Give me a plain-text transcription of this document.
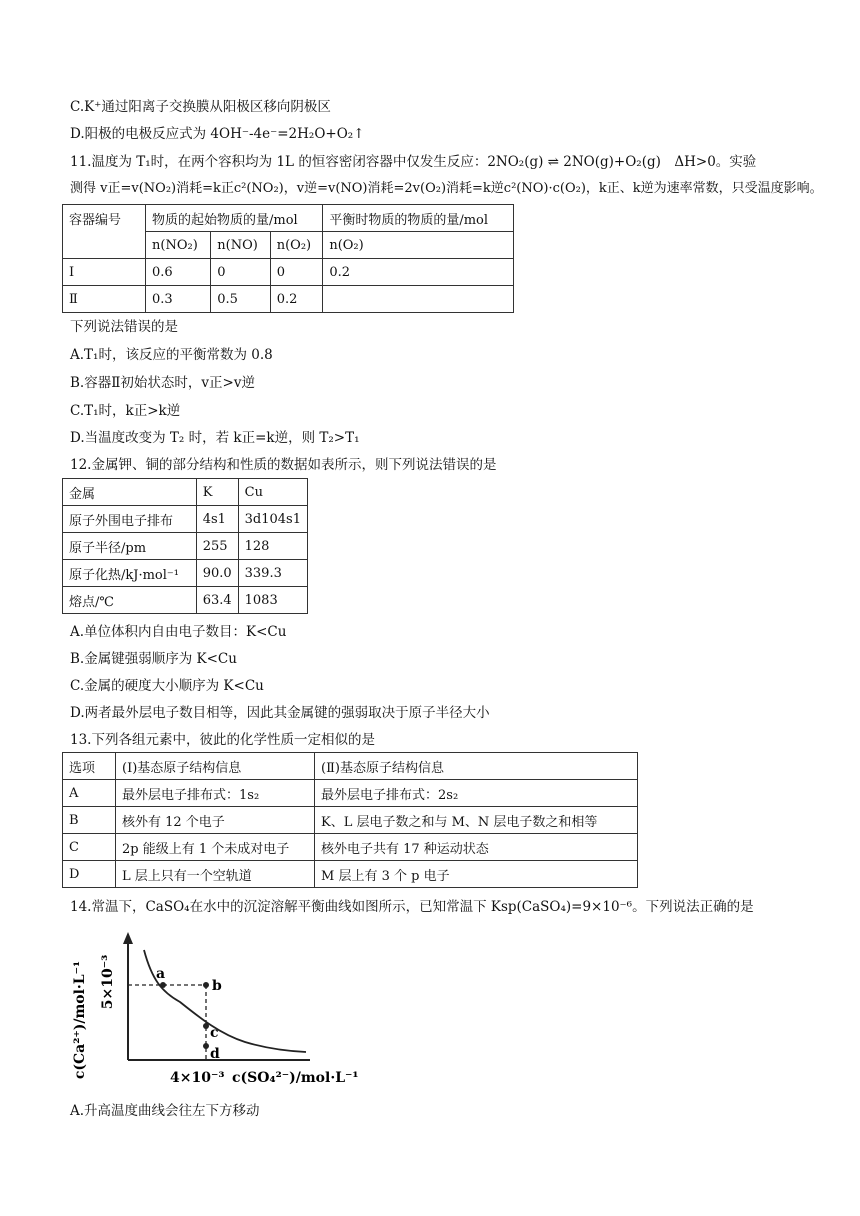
C.K⁺通过阳离子交换膜从阳极区移向阴极区
D.阳极的电极反应式为 4OH⁻-4e⁻=2H₂O+O₂↑
11.温度为 T₁时，在两个容积均为 1L 的恒容密闭容器中仅发生反应：2NO₂(g) ⇌ 2NO(g)+O₂(g)　ΔH>0。实验
测得 v正=v(NO₂)消耗=k正c²(NO₂)，v逆=v(NO)消耗=2v(O₂)消耗=k逆c²(NO)·c(O₂)，k正、k逆为速率常数，只受温度影响。
容器编号	物质的起始物质的量/mol			平衡时物质的物质的量/mol
	n(NO₂)	n(NO)	n(O₂)	n(O₂)
Ⅰ	0.6	0	0	0.2
Ⅱ	0.3	0.5	0.2	
下列说法错误的是
A.T₁时，该反应的平衡常数为 0.8
B.容器Ⅱ初始状态时，v正>v逆
C.T₁时，k正>k逆
D.当温度改变为 T₂ 时，若 k正=k逆，则 T₂>T₁
12.金属钾、铜的部分结构和性质的数据如表所示，则下列说法错误的是
金属	K	Cu
原子外围电子排布	4s1	3d104s1
原子半径/pm	255	128
原子化热/kJ·mol⁻¹	90.0	339.3
熔点/℃	63.4	1083
A.单位体积内自由电子数目：K<Cu
B.金属键强弱顺序为 K<Cu
C.金属的硬度大小顺序为 K<Cu
D.两者最外层电子数目相等，因此其金属键的强弱取决于原子半径大小
13.下列各组元素中，彼此的化学性质一定相似的是
选项	(Ⅰ)基态原子结构信息	(Ⅱ)基态原子结构信息
A	最外层电子排布式：1s₂	最外层电子排布式：2s₂
B	核外有 12 个电子	K、L 层电子数之和与 M、N 层电子数之和相等
C	2p 能级上有 1 个未成对电子	核外电子共有 17 种运动状态
D	L 层上只有一个空轨道	M 层上有 3 个 p 电子
14.常温下，CaSO₄在水中的沉淀溶解平衡曲线如图所示，已知常温下 Ksp(CaSO₄)=9×10⁻⁶。下列说法正确的是
c(Ca²⁺)/mol·L⁻¹ 5×10⁻³	a
b
c
d
4×10⁻³ c(SO₄²⁻)/mol·L⁻¹
A.升高温度曲线会往左下方移动
